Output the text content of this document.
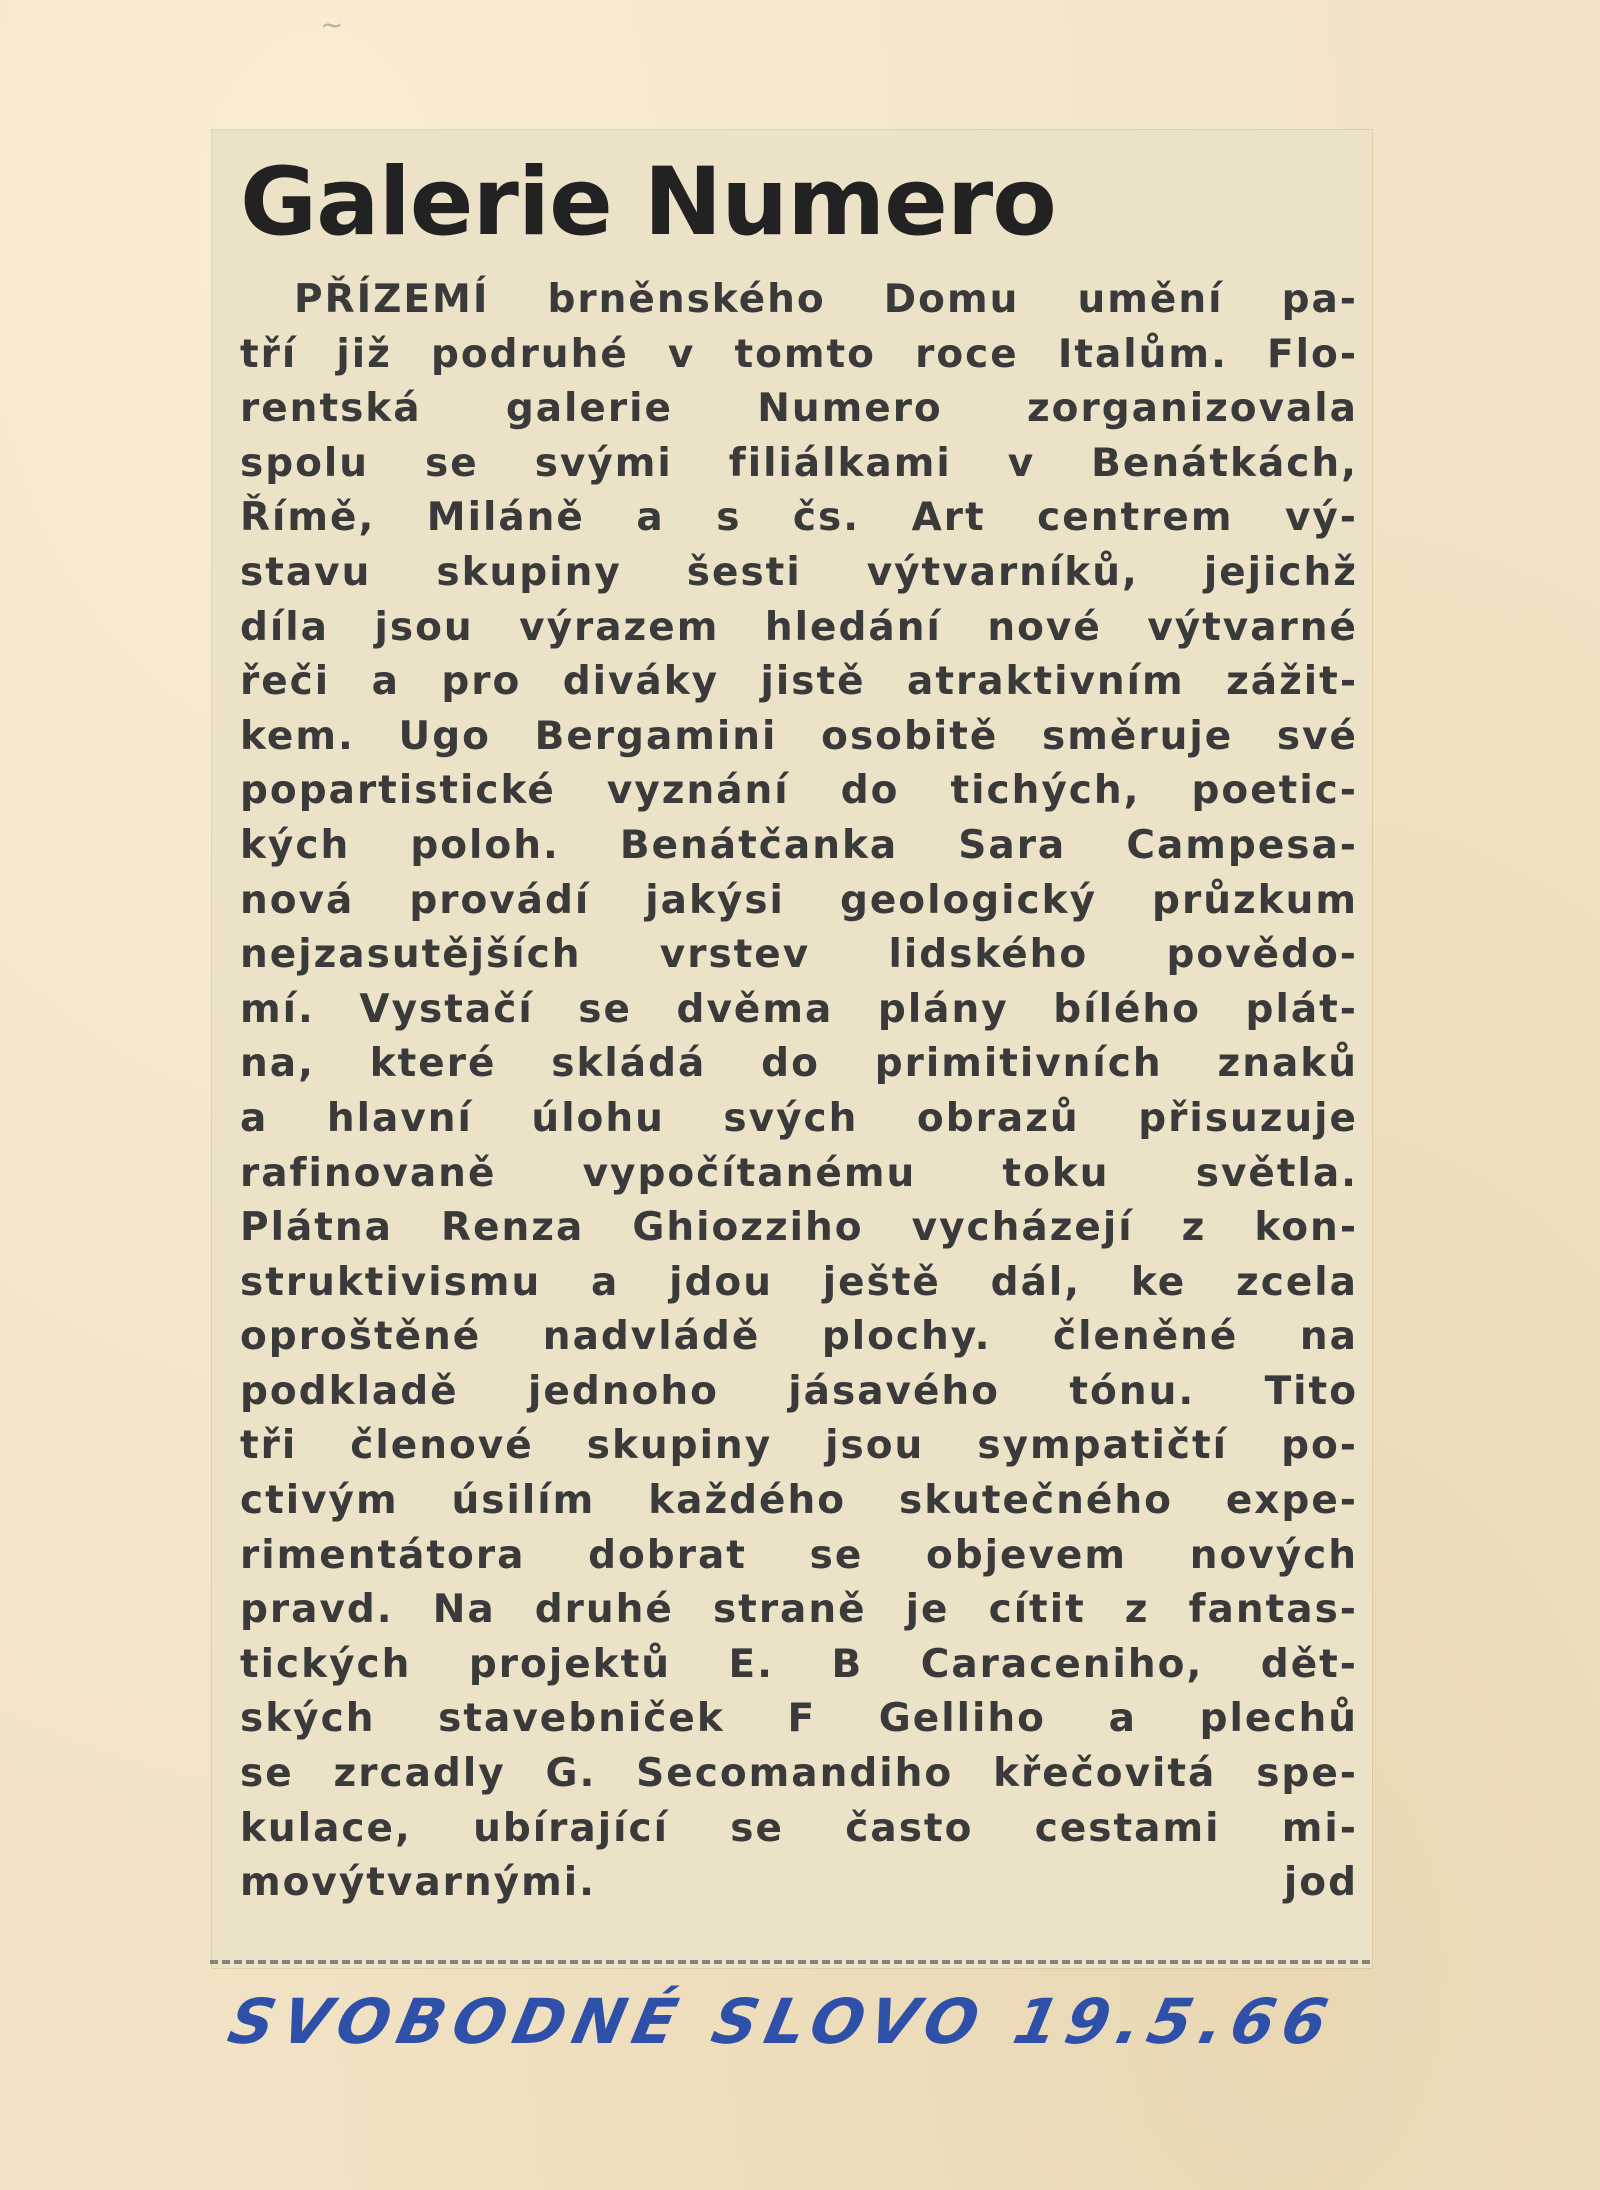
~
Galerie Numero
PŘÍZEMÍ brněnského Domu umění pa-
tří již podruhé v tomto roce Italům. Flo-
rentská galerie Numero zorganizovala
spolu se svými filiálkami v Benátkách,
Římě, Miláně a s čs. Art centrem vý-
stavu skupiny šesti výtvarníků, jejichž
díla jsou výrazem hledání nové výtvarné
řeči a pro diváky jistě atraktivním zážit-
kem. Ugo Bergamini osobitě směruje své
popartistické vyznání do tichých, poetic-
kých poloh. Benátčanka Sara Campesa-
nová provádí jakýsi geologický průzkum
nejzasutějších vrstev lidského povědo-
mí. Vystačí se dvěma plány bílého plát-
na, které skládá do primitivních znaků
a hlavní úlohu svých obrazů přisuzuje
rafinovaně vypočítanému toku světla.
Plátna Renza Ghiozziho vycházejí z kon-
struktivismu a jdou ještě dál, ke zcela
oproštěné nadvládě plochy. členěné na
podkladě jednoho jásavého tónu. Tito
tři členové skupiny jsou sympatičtí po-
ctivým úsilím každého skutečného expe-
rimentátora dobrat se objevem nových
pravd. Na druhé straně je cítit z fantas-
tických projektů E. B Caraceniho, dět-
ských stavebniček F Gelliho a plechů
se zrcadly G. Secomandiho křečovitá spe-
kulace, ubírající se často cestami mi-
movýtvarnými.	jod
SVOBODNÉ SLOVO 19.5.66
